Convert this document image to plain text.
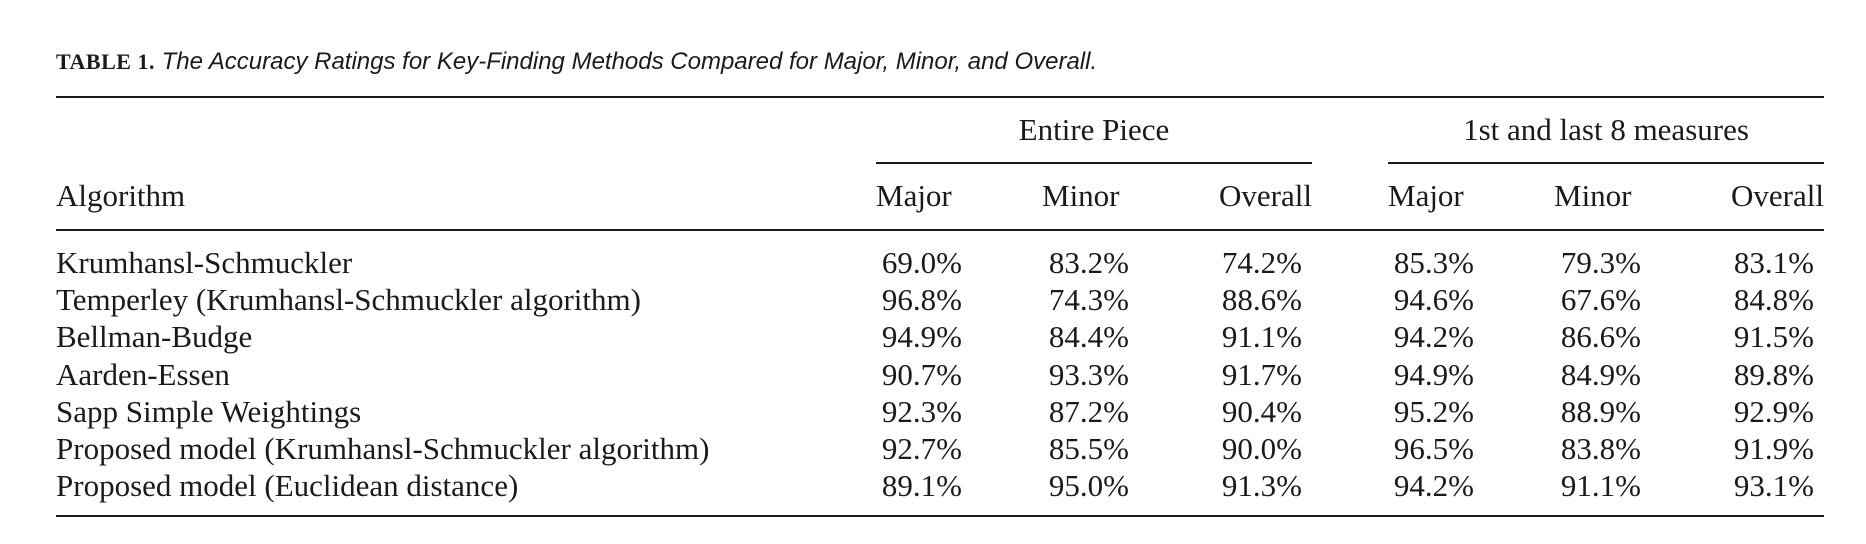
TABLE 1. The Accuracy Ratings for Key-Finding Methods Compared for Major, Minor, and Overall.
Entire Piece	1st and last 8 measures
Algorithm	Major	Minor	Overall Major	Minor	Overall
Krumhansl-Schmuckler	69.0%	83.2%	74.2%	85.3%	79.3%	83.1%
Temperley (Krumhansl-Schmuckler algorithm)	96.8%	74.3%	88.6%	94.6%	67.6%	84.8%
Bellman-Budge	94.9%	84.4%	91.1%	94.2%	86.6%	91.5%
Aarden-Essen	90.7%	93.3%	91.7%	94.9%	84.9%	89.8%
Sapp Simple Weightings	92.3%	87.2%	90.4%	95.2%	88.9%	92.9%
Proposed model (Krumhansl-Schmuckler algorithm)	92.7%	85.5%	90.0%	96.5%	83.8%	91.9%
Proposed model (Euclidean distance)	89.1%	95.0%	91.3%	94.2%	91.1%	93.1%
